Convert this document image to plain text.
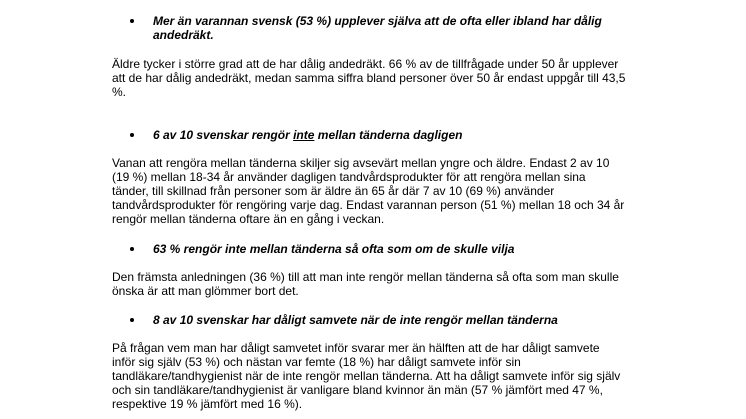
Mer än varannan svensk (53 %) upplever själva att de ofta eller ibland har dålig
andedräkt.
Äldre tycker i större grad att de har dålig andedräkt. 66 % av de tillfrågade under 50 år upplever
att de har dålig andedräkt, medan samma siffra bland personer över 50 år endast uppgår till 43,5
%.
6 av 10 svenskar rengör inte mellan tänderna dagligen
Vanan att rengöra mellan tänderna skiljer sig avsevärt mellan yngre och äldre. Endast 2 av 10
(19 %) mellan 18-34 år använder dagligen tandvårdsprodukter för att rengöra mellan sina
tänder, till skillnad från personer som är äldre än 65 år där 7 av 10 (69 %) använder
tandvårdsprodukter för rengöring varje dag. Endast varannan person (51 %) mellan 18 och 34 år
rengör mellan tänderna oftare än en gång i veckan.
63 % rengör inte mellan tänderna så ofta som om de skulle vilja
Den främsta anledningen (36 %) till att man inte rengör mellan tänderna så ofta som man skulle
önska är att man glömmer bort det.
8 av 10 svenskar har dåligt samvete när de inte rengör mellan tänderna
På frågan vem man har dåligt samvetet inför svarar mer än hälften att de har dåligt samvete
inför sig själv (53 %) och nästan var femte (18 %) har dåligt samvete inför sin
tandläkare/tandhygienist när de inte rengör mellan tänderna. Att ha dåligt samvete inför sig själv
och sin tandläkare/tandhygienist är vanligare bland kvinnor än män (57 % jämfört med 47 %,
respektive 19 % jämfört med 16 %).
